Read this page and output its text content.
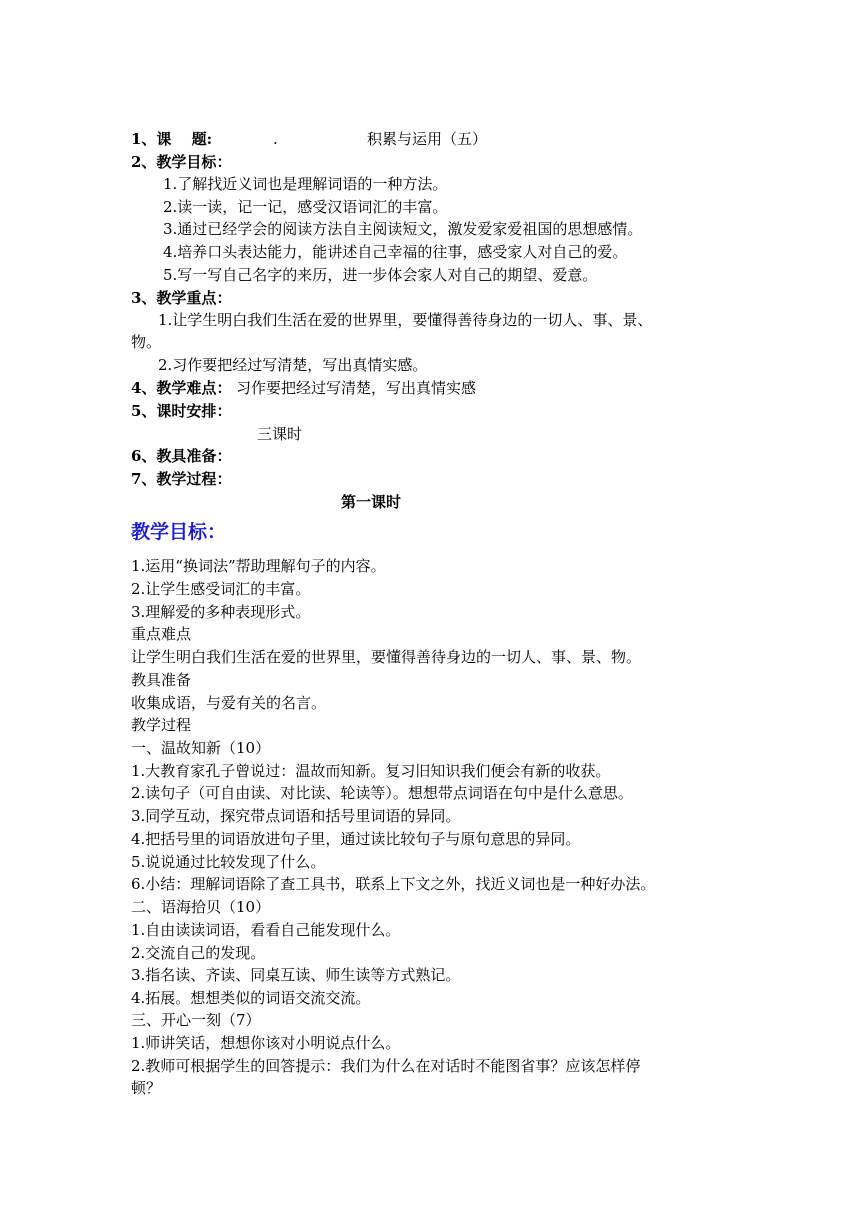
1、课　 题:	.	积累与运用（五）
2、教学目标：
1.了解找近义词也是理解词语的一种方法。
2.读一读，记一记，感受汉语词汇的丰富。
3.通过已经学会的阅读方法自主阅读短文，激发爱家爱祖国的思想感情。
4.培养口头表达能力，能讲述自己幸福的往事，感受家人对自己的爱。
5.写一写自己名字的来历，进一步体会家人对自己的期望、爱意。
3、教学重点：
1.让学生明白我们生活在爱的世界里，要懂得善待身边的一切人、事、景、
物。
2.习作要把经过写清楚，写出真情实感。
4、教学难点： 习作要把经过写清楚，写出真情实感
5、课时安排：
三课时
6、教具准备：
7、教学过程：
第一课时
教学目标：
1.运用“换词法”帮助理解句子的内容。
2.让学生感受词汇的丰富。
3.理解爱的多种表现形式。
重点难点
让学生明白我们生活在爱的世界里，要懂得善待身边的一切人、事、景、物。
教具准备
收集成语，与爱有关的名言。
教学过程
一、温故知新（10）
1.大教育家孔子曾说过：温故而知新。复习旧知识我们便会有新的收获。
2.读句子（可自由读、对比读、轮读等）。想想带点词语在句中是什么意思。
3.同学互动，探究带点词语和括号里词语的异同。
4.把括号里的词语放进句子里，通过读比较句子与原句意思的异同。
5.说说通过比较发现了什么。
6.小结：理解词语除了查工具书，联系上下文之外，找近义词也是一种好办法。
二、语海拾贝（10）
1.自由读读词语，看看自己能发现什么。
2.交流自己的发现。
3.指名读、齐读、同桌互读、师生读等方式熟记。
4.拓展。想想类似的词语交流交流。
三、开心一刻（7）
1.师讲笑话，想想你该对小明说点什么。
2.教师可根据学生的回答提示：我们为什么在对话时不能图省事？应该怎样停
顿？
